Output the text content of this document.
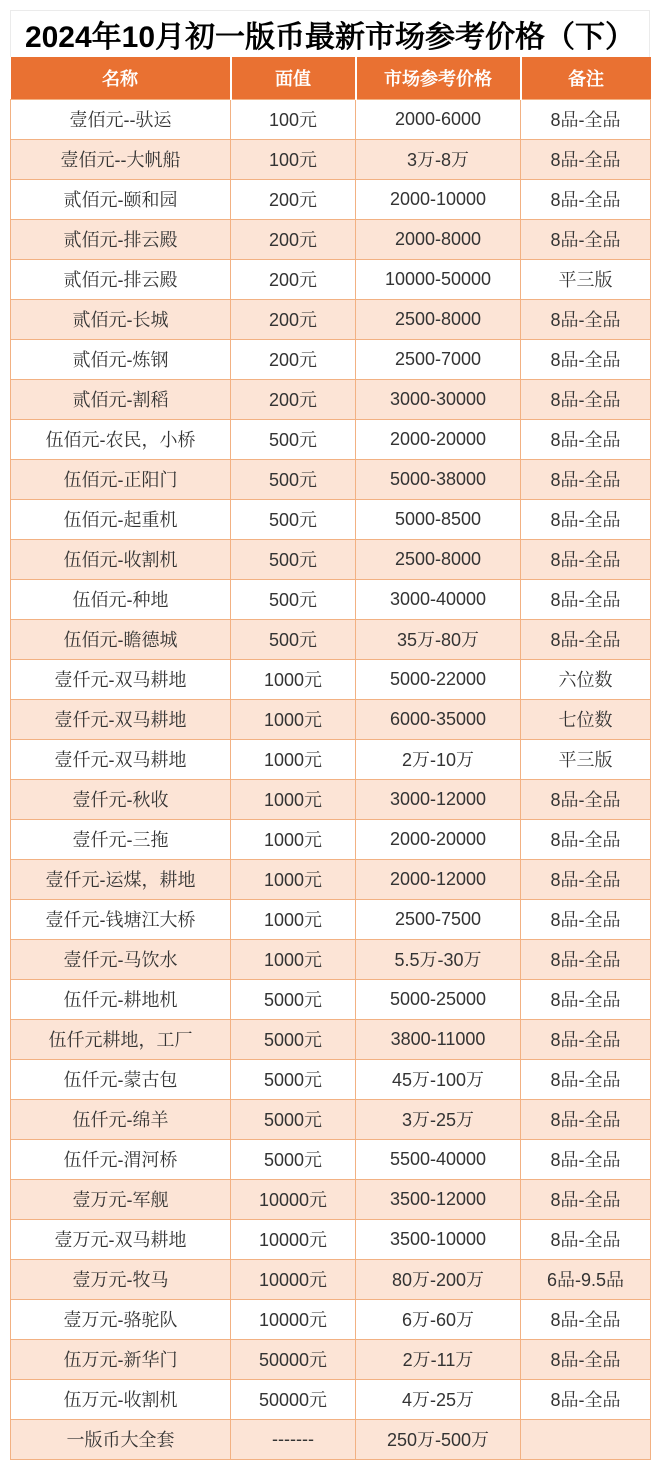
2024年10月初一版币最新市场参考价格（下）
名称	面值	市场参考价格	备注
壹佰元--驮运	100元	2000-6000	8品-全品
壹佰元--大帆船	100元	3万-8万	8品-全品
贰佰元-颐和园	200元	2000-10000	8品-全品
贰佰元-排云殿	200元	2000-8000	8品-全品
贰佰元-排云殿	200元	10000-50000	平三版
贰佰元-长城	200元	2500-8000	8品-全品
贰佰元-炼钢	200元	2500-7000	8品-全品
贰佰元-割稻	200元	3000-30000	8品-全品
伍佰元-农民，小桥	500元	2000-20000	8品-全品
伍佰元-正阳门	500元	5000-38000	8品-全品
伍佰元-起重机	500元	5000-8500	8品-全品
伍佰元-收割机	500元	2500-8000	8品-全品
伍佰元-种地	500元	3000-40000	8品-全品
伍佰元-瞻德城	500元	35万-80万	8品-全品
壹仟元-双马耕地	1000元	5000-22000	六位数
壹仟元-双马耕地	1000元	6000-35000	七位数
壹仟元-双马耕地	1000元	2万-10万	平三版
壹仟元-秋收	1000元	3000-12000	8品-全品
壹仟元-三拖	1000元	2000-20000	8品-全品
壹仟元-运煤，耕地	1000元	2000-12000	8品-全品
壹仟元-钱塘江大桥	1000元	2500-7500	8品-全品
壹仟元-马饮水	1000元	5.5万-30万	8品-全品
伍仟元-耕地机	5000元	5000-25000	8品-全品
伍仟元耕地，工厂	5000元	3800-11000	8品-全品
伍仟元-蒙古包	5000元	45万-100万	8品-全品
伍仟元-绵羊	5000元	3万-25万	8品-全品
伍仟元-渭河桥	5000元	5500-40000	8品-全品
壹万元-军舰	10000元	3500-12000	8品-全品
壹万元-双马耕地	10000元	3500-10000	8品-全品
壹万元-牧马	10000元	80万-200万	6品-9.5品
壹万元-骆驼队	10000元	6万-60万	8品-全品
伍万元-新华门	50000元	2万-11万	8品-全品
伍万元-收割机	50000元	4万-25万	8品-全品
一版币大全套	-------	250万-500万	
